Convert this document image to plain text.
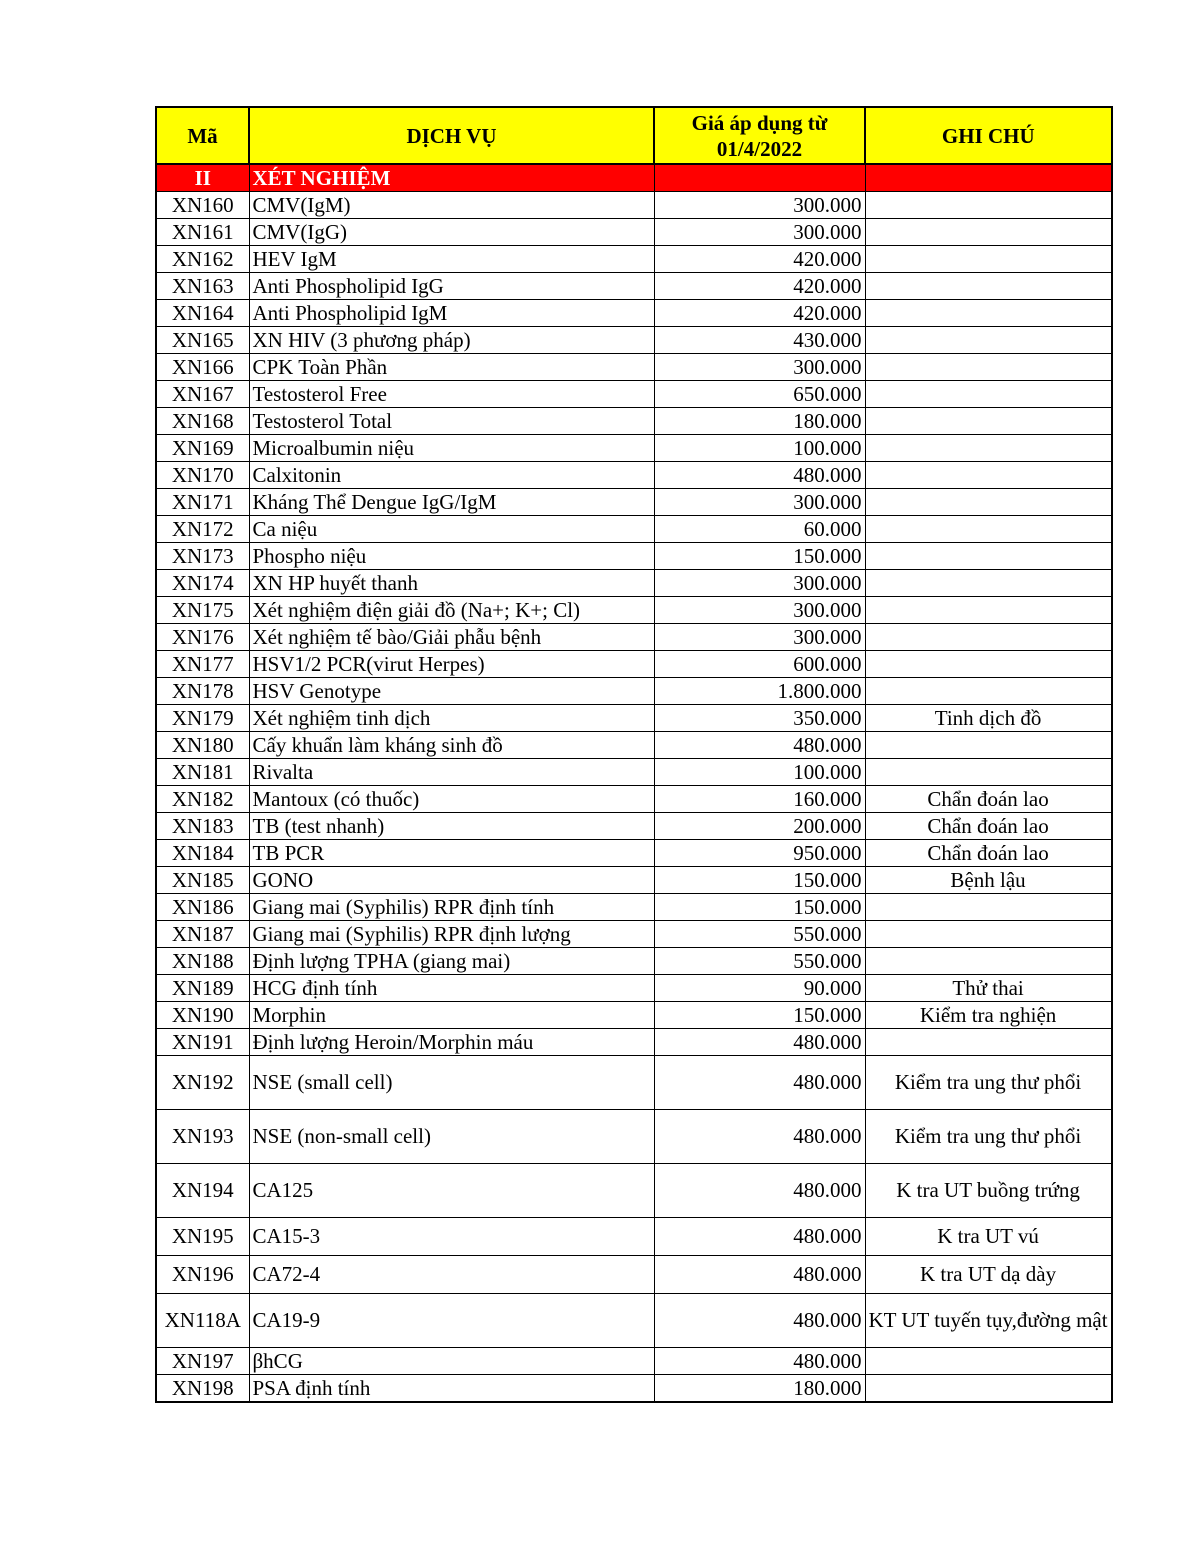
Mã	DỊCH VỤ	Giá áp dụng từ 01/4/2022	GHI CHÚ
II	XÉT NGHIỆM		
XN160	CMV(IgM)	300.000	
XN161	CMV(IgG)	300.000	
XN162	HEV IgM	420.000	
XN163	Anti Phospholipid IgG	420.000	
XN164	Anti Phospholipid IgM	420.000	
XN165	XN HIV (3 phương pháp)	430.000	
XN166	CPK Toàn Phần	300.000	
XN167	Testosterol Free	650.000	
XN168	Testosterol Total	180.000	
XN169	Microalbumin niệu	100.000	
XN170	Calxitonin	480.000	
XN171	Kháng Thể Dengue IgG/IgM	300.000	
XN172	Ca niệu	60.000	
XN173	Phospho niệu	150.000	
XN174	XN HP huyết thanh	300.000	
XN175	Xét nghiệm điện giải đồ (Na+; K+; Cl)	300.000	
XN176	Xét nghiệm tế bào/Giải phẫu bệnh	300.000	
XN177	HSV1/2 PCR(virut Herpes)	600.000	
XN178	HSV Genotype	1.800.000	
XN179	Xét nghiệm tinh dịch	350.000	Tinh dịch đồ
XN180	Cấy khuẩn làm kháng sinh đồ	480.000	
XN181	Rivalta	100.000	
XN182	Mantoux (có thuốc)	160.000	Chẩn đoán lao
XN183	TB (test nhanh)	200.000	Chẩn đoán lao
XN184	TB PCR	950.000	Chẩn đoán lao
XN185	GONO	150.000	Bệnh lậu
XN186	Giang mai (Syphilis) RPR định tính	150.000	
XN187	Giang mai (Syphilis) RPR định lượng	550.000	
XN188	Định lượng TPHA (giang mai)	550.000	
XN189	HCG định tính	90.000	Thử thai
XN190	Morphin	150.000	Kiểm tra nghiện
XN191	Định lượng Heroin/Morphin máu	480.000	
XN192	NSE (small cell)	480.000	Kiểm tra ung thư phổi
XN193	NSE (non-small cell)	480.000	Kiểm tra ung thư phổi
XN194	CA125	480.000	K tra UT buồng trứng
XN195	CA15-3	480.000	K tra UT vú
XN196	CA72-4	480.000	K tra UT dạ dày
XN118A	CA19-9	480.000	KT UT tuyến tụy,đường mật
XN197	βhCG	480.000	
XN198	PSA định tính	180.000	
